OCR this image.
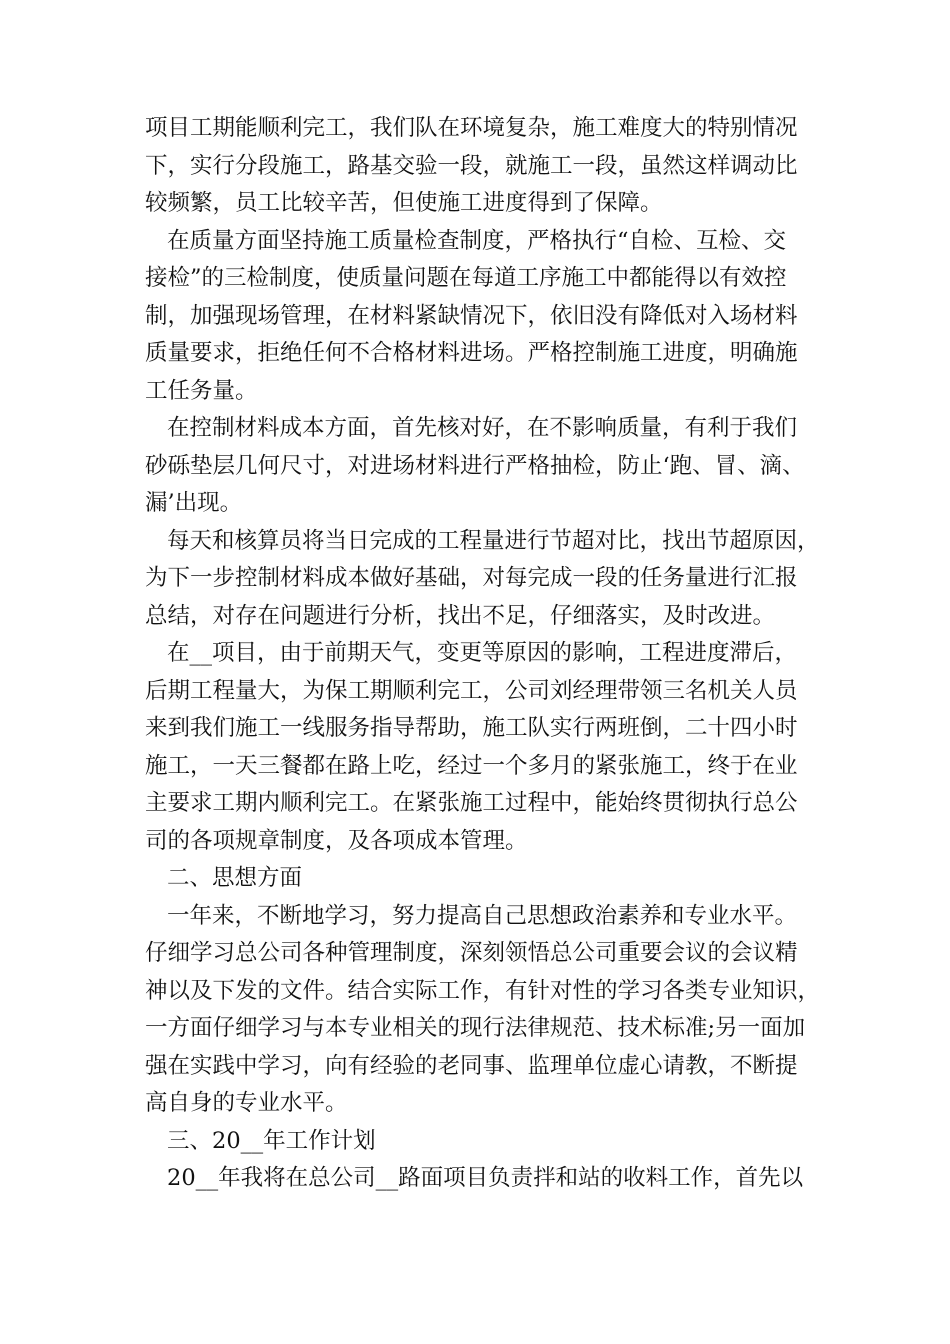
项目工期能顺利完工，我们队在环境复杂，施工难度大的特别情况
下，实行分段施工，路基交验一段，就施工一段，虽然这样调动比
较频繁，员工比较辛苦，但使施工进度得到了保障。
在质量方面坚持施工质量检查制度，严格执行“自检、互检、交
接检”的三检制度，使质量问题在每道工序施工中都能得以有效控
制，加强现场管理，在材料紧缺情况下，依旧没有降低对入场材料
质量要求，拒绝任何不合格材料进场。严格控制施工进度，明确施
工任务量。
在控制材料成本方面，首先核对好，在不影响质量，有利于我们
砂砾垫层几何尺寸，对进场材料进行严格抽检，防止‘跑、冒、滴、
漏’出现。
每天和核算员将当日完成的工程量进行节超对比，找出节超原因，
为下一步控制材料成本做好基础，对每完成一段的任务量进行汇报
总结，对存在问题进行分析，找出不足，仔细落实，及时改进。
在__项目，由于前期天气，变更等原因的影响，工程进度滞后，
后期工程量大，为保工期顺利完工，公司刘经理带领三名机关人员
来到我们施工一线服务指导帮助，施工队实行两班倒，二十四小时
施工，一天三餐都在路上吃，经过一个多月的紧张施工，终于在业
主要求工期内顺利完工。在紧张施工过程中，能始终贯彻执行总公
司的各项规章制度，及各项成本管理。
二、思想方面
一年来，不断地学习，努力提高自己思想政治素养和专业水平。
仔细学习总公司各种管理制度，深刻领悟总公司重要会议的会议精
神以及下发的文件。结合实际工作，有针对性的学习各类专业知识，
一方面仔细学习与本专业相关的现行法律规范、技术标准;另一面加
强在实践中学习，向有经验的老同事、监理单位虚心请教，不断提
高自身的专业水平。
三、20__年工作计划
20__年我将在总公司__路面项目负责拌和站的收料工作，首先以
